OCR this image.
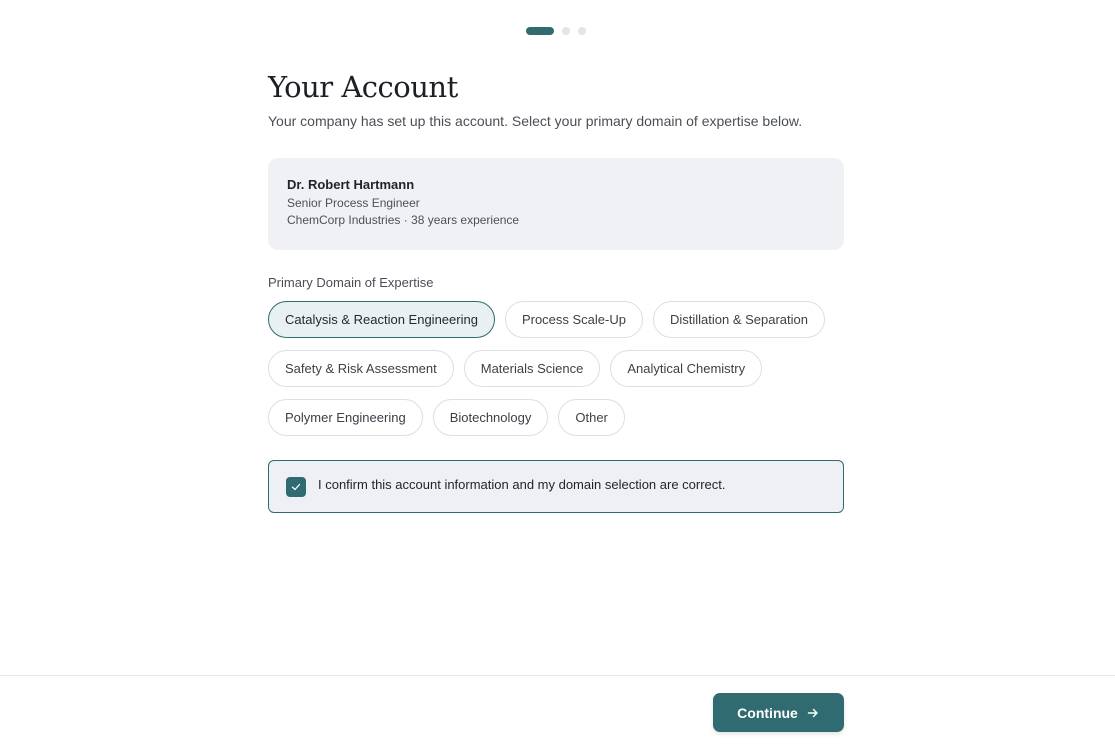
Your Account

Your company has set up this account. Select your primary domain of expertise below.

Dr. Robert Hartmann
Senior Process Engineer
ChemCorp Industries · 38 years experience
Primary Domain of Expertise
Catalysis & Reaction Engineering	Process Scale-Up	Distillation & Separation
Safety & Risk Assessment	Materials Science	Analytical Chemistry
Polymer Engineering	Biotechnology	Other
I confirm this account information and my domain selection are correct.
Continue
